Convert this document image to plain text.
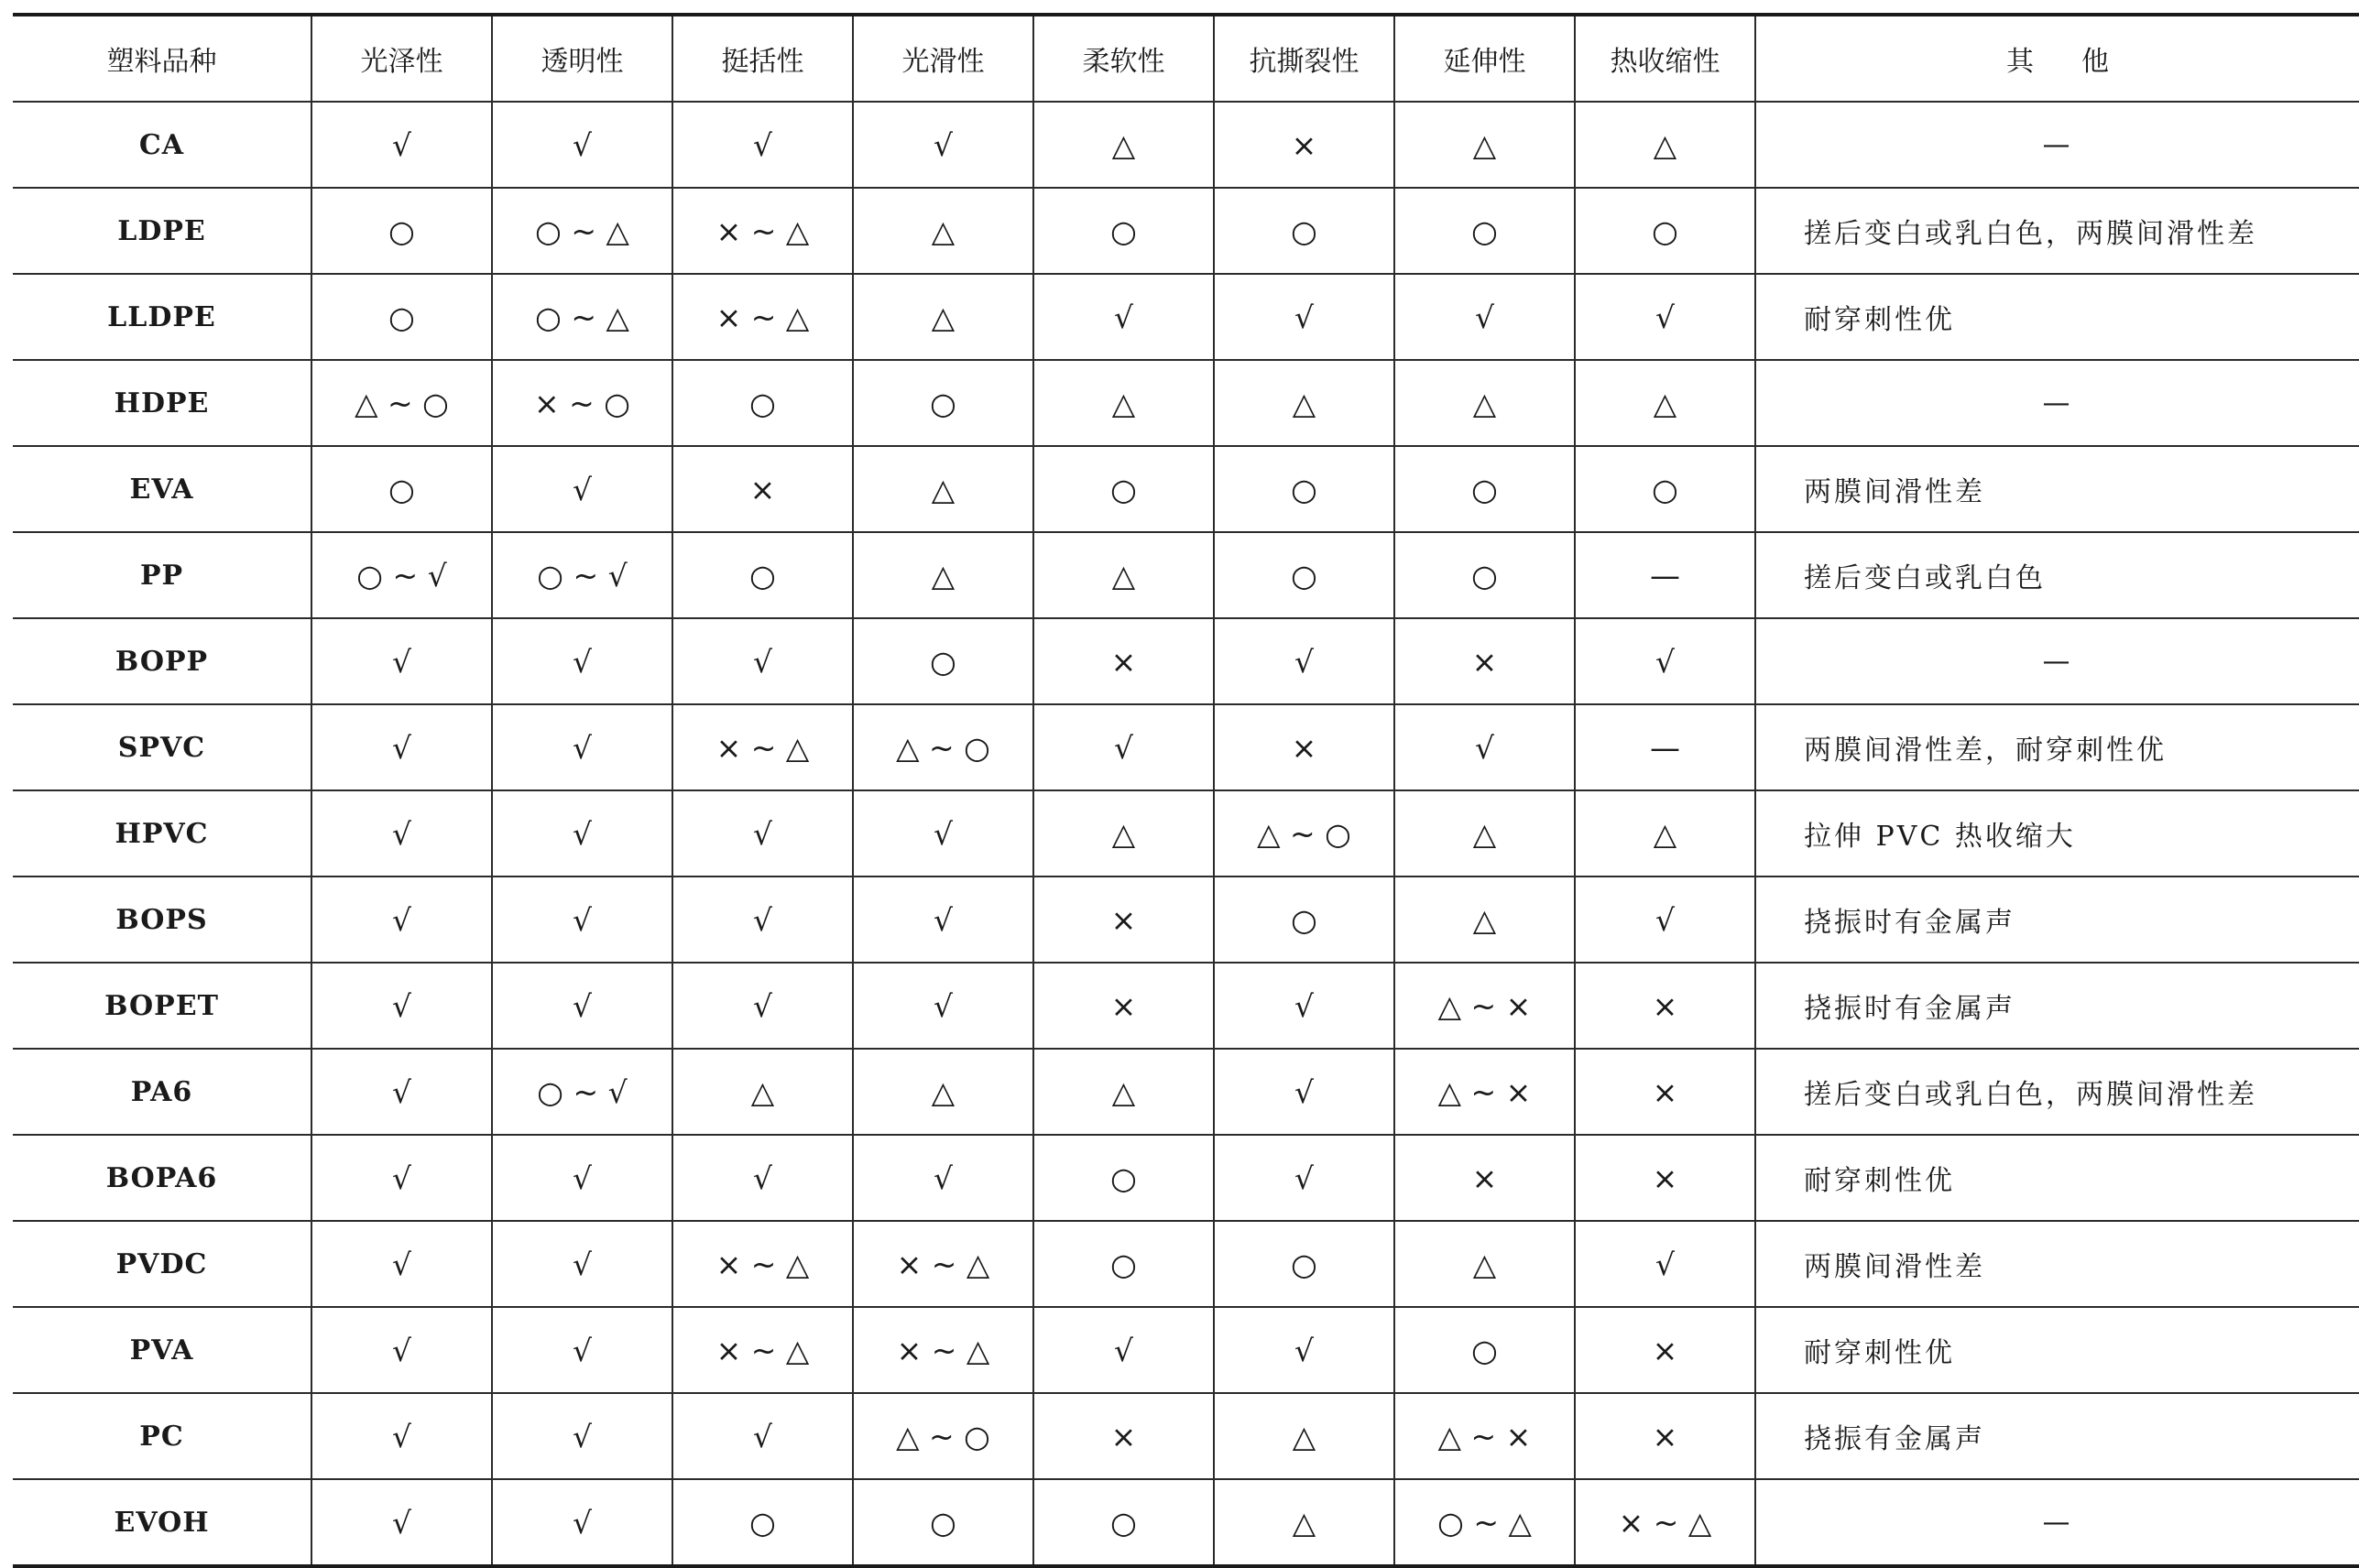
塑料品种	光泽性	透明性	挺括性	光滑性	柔软性	抗撕裂性	延伸性	热收缩性	其他
CA	√	√	√	√	△	×	△	△	—
LDPE	○	○ ~ △	× ~ △	△	○	○	○	○	搓后变白或乳白色，两膜间滑性差
LLDPE	○	○ ~ △	× ~ △	△	√	√	√	√	耐穿刺性优
HDPE	△ ~ ○	× ~ ○	○	○	△	△	△	△	—
EVA	○	√	×	△	○	○	○	○	两膜间滑性差
PP	○ ~ √	○ ~ √	○	△	△	○	○	—	搓后变白或乳白色
BOPP	√	√	√	○	×	√	×	√	—
SPVC	√	√	× ~ △	△ ~ ○	√	×	√	—	两膜间滑性差，耐穿刺性优
HPVC	√	√	√	√	△	△ ~ ○	△	△	拉伸 PVC 热收缩大
BOPS	√	√	√	√	×	○	△	√	挠振时有金属声
BOPET	√	√	√	√	×	√	△ ~ ×	×	挠振时有金属声
PA6	√	○ ~ √	△	△	△	√	△ ~ ×	×	搓后变白或乳白色，两膜间滑性差
BOPA6	√	√	√	√	○	√	×	×	耐穿刺性优
PVDC	√	√	× ~ △	× ~ △	○	○	△	√	两膜间滑性差
PVA	√	√	× ~ △	× ~ △	√	√	○	×	耐穿刺性优
PC	√	√	√	△ ~ ○	×	△	△ ~ ×	×	挠振有金属声
EVOH	√	√	○	○	○	△	○ ~ △	× ~ △	—
